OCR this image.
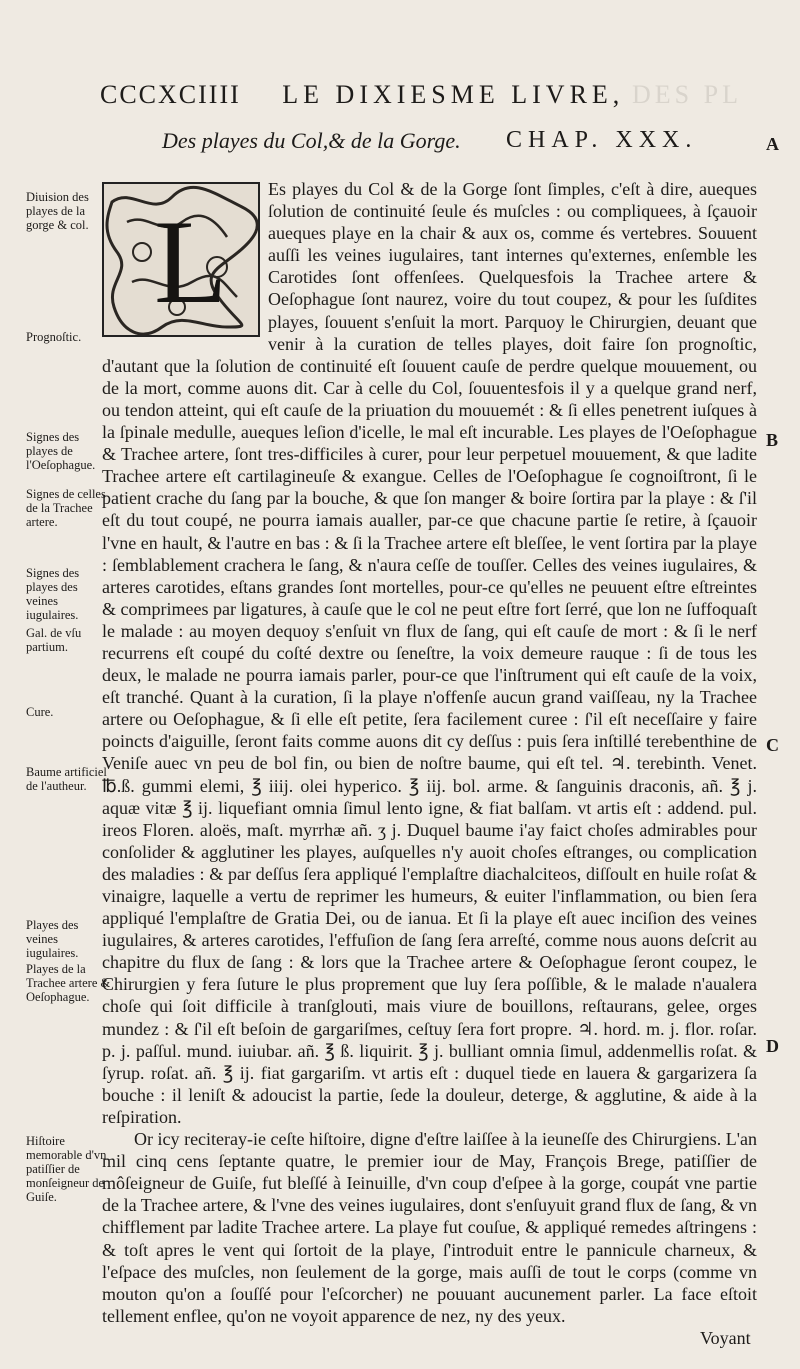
DES PL
CCCXCIIII LE DIXIESME LIVRE,
Des playes du Col,& de la Gorge. CHAP. XXX.	A
B
C
D
Diuision des playes de la gorge & col.
Prognoſtic.
Signes des playes de l'Oeſophague.
Signes de celles de la Trachee artere.
Signes des playes des veines iugulaires.
Gal. de vſu partium.
Cure.
Baume artificiel de l'autheur.
Playes des veines iugulaires.
Playes de la Trachee artere & Oeſophague.
Hiſtoire memorable d'vn patiſſier de monſeigneur de Guiſe.

L
Es playes du Col & de la Gorge ſont ſimples, c'eſt à dire, aueques ſolution de continuité ſeule és muſcles : ou compliquees, à ſçauoir aueques playe en la chair & aux os, comme és vertebres. Souuent auſſi les veines iugulaires, tant internes qu'externes, enſemble les Carotides ſont offenſees. Quelquesfois la Trachee artere & Oeſophague ſont naurez, voire du tout coupez, & pour les ſuſdites playes, ſouuent s'enſuit la mort. Parquoy le Chirurgien, deuant que venir à la curation de telles playes, doit faire ſon prognoſtic, d'autant que la ſolution de continuité eſt ſouuent cauſe de perdre quelque mouuement, ou de la mort, comme auons dit. Car à celle du Col, ſouuentesfois il y a quelque grand nerf, ou tendon atteint, qui eſt cauſe de la priuation du mouuemét : & ſi elles penetrent iuſques à la ſpinale medulle, aueques leſion d'icelle, le mal eſt incurable. Les playes de l'Oeſophague & Trachee artere, ſont tres-difficiles à curer, pour leur perpetuel mouuement, & que ladite Trachee artere eſt cartilagineuſe & exangue. Celles de l'Oeſophague ſe cognoiſtront, ſi le patient crache du ſang par la bouche, & que ſon manger & boire ſortira par la playe : & ſ'il eſt du tout coupé, ne pourra iamais aualler, par-ce que chacune partie ſe retire, à ſçauoir l'vne en hault, & l'autre en bas : & ſi la Trachee artere eſt bleſſee, le vent ſortira par la playe : ſemblablement crachera le ſang, & n'aura ceſſe de touſſer. Celles des veines iugulaires, & arteres carotides, eſtans grandes ſont mortelles, pour-ce qu'elles ne peuuent eſtre eſtreintes & comprimees par ligatures, à cauſe que le col ne peut eſtre fort ſerré, que lon ne ſuffoquaſt le malade : au moyen dequoy s'enſuit vn flux de ſang, qui eſt cauſe de mort : & ſi le nerf recurrens eſt coupé du coſté dextre ou ſeneſtre, la voix demeure rauque : ſi de tous les deux, le malade ne pourra iamais parler, pour-ce que l'inſtrument qui eſt cauſe de la voix, eſt tranché. Quant à la curation, ſi la playe n'offenſe aucun grand vaiſſeau, ny la Trachee artere ou Oeſophague, & ſi elle eſt petite, ſera facilement curee : ſ'il eſt neceſſaire y faire poincts d'aiguille, ſeront faits comme auons dit cy deſſus : puis ſera inſtillé terebenthine de Veniſe auec vn peu de bol fin, ou bien de noſtre baume, qui eſt tel. ♃. terebinth. Venet. ℔.ß. gummi elemi, ℥ iiij. olei hyperico. ℥ iij. bol. arme. & ſanguinis draconis, añ. ℥ j. aquæ vitæ ℥ ij. liquefiant omnia ſimul lento igne, & fiat balſam. vt artis eſt : addend. pul. ireos Floren. aloës, maſt. myrrhæ añ. ʒ j. Duquel baume i'ay faict choſes admirables pour conſolider & agglutiner les playes, auſquelles n'y auoit choſes eſtranges, ou complication des maladies : & par deſſus ſera appliqué l'emplaſtre diachalciteos, diſſoult en huile roſat & vinaigre, laquelle a vertu de reprimer les humeurs, & euiter l'inflammation, ou bien ſera appliqué l'emplaſtre de Gratia Dei, ou de ianua. Et ſi la playe eſt auec inciſion des veines iugulaires, & arteres carotides, l'effuſion de ſang ſera arreſté, comme nous auons deſcrit au chapitre du flux de ſang : & lors que la Trachee artere & Oeſophague ſeront coupez, le Chirurgien y fera ſuture le plus proprement que luy ſera poſſible, & le malade n'aualera choſe qui ſoit difficile à tranſglouti, mais viure de bouillons, reſtaurans, gelee, orges mundez : & ſ'il eſt beſoin de gargariſmes, ceſtuy ſera fort propre. ♃. hord. m. j. flor. roſar. p. j. paſſul. mund. iuiubar. añ. ℥ ß. liquirit. ℥ j. bulliant omnia ſimul, addenmellis roſat. & ſyrup. roſat. añ. ℥ ij. fiat gargariſm. vt artis eſt : duquel tiede en lauera & gargarizera ſa bouche : il leniſt & adoucist la partie, ſede la douleur, deterge, & agglutine, & aide à la reſpiration.

Or icy reciteray-ie ceſte hiſtoire, digne d'eſtre laiſſee à la ieuneſſe des Chirurgiens. L'an mil cinq cens ſeptante quatre, le premier iour de May, François Brege, patiſſier de môſeigneur de Guiſe, fut bleſſé à Ieinuille, d'vn coup d'eſpee à la gorge, coupát vne partie de la Trachee artere, & l'vne des veines iugulaires, dont s'enſuyuit grand flux de ſang, & vn chifflement par ladite Trachee artere. La playe fut couſue, & appliqué remedes aſtringens : & toſt apres le vent qui ſortoit de la playe, ſ'introduit entre le pannicule charneux, & l'eſpace des muſcles, non ſeulement de la gorge, mais auſſi de tout le corps (comme vn mouton qu'on a ſouſſé pour l'eſcorcher) ne pouuant aucunement parler. La face eſtoit tellement enflee, qu'on ne voyoit apparence de nez, ny des yeux.

Voyant
